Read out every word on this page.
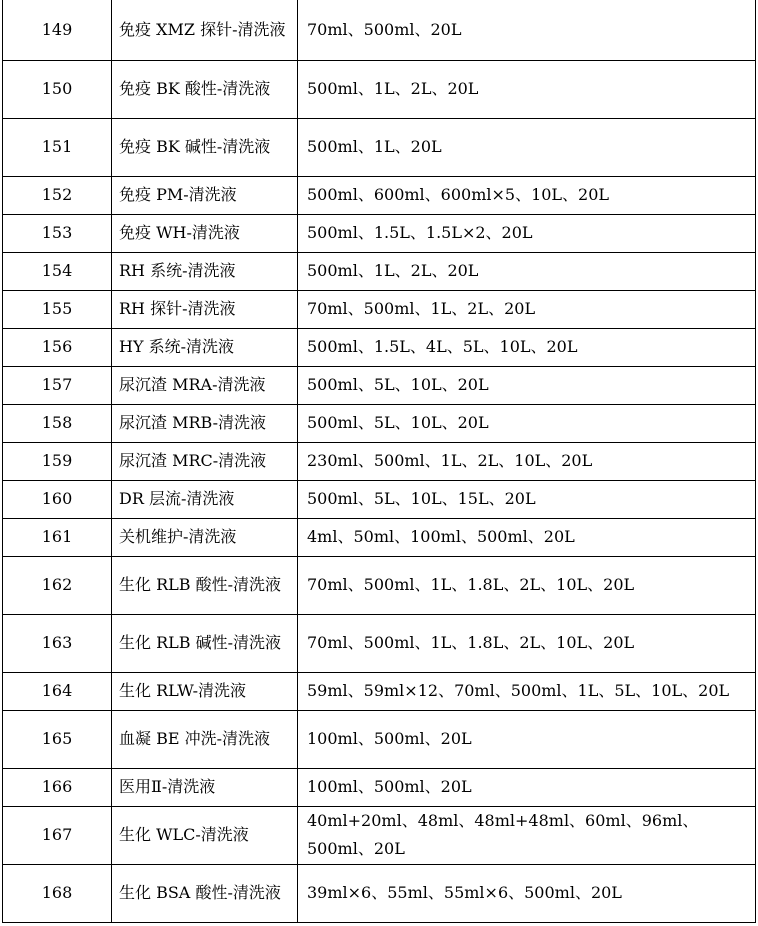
149	免疫 XMZ 探针-清洗液	70ml、500ml、20L
150	免疫 BK 酸性-清洗液	500ml、1L、2L、20L
151	免疫 BK 碱性-清洗液	500ml、1L、20L
152	免疫 PM-清洗液	500ml、600ml、600ml×5、10L、20L
153	免疫 WH-清洗液	500ml、1.5L、1.5L×2、20L
154	RH 系统-清洗液	500ml、1L、2L、20L
155	RH 探针-清洗液	70ml、500ml、1L、2L、20L
156	HY 系统-清洗液	500ml、1.5L、4L、5L、10L、20L
157	尿沉渣 MRA-清洗液	500ml、5L、10L、20L
158	尿沉渣 MRB-清洗液	500ml、5L、10L、20L
159	尿沉渣 MRC-清洗液	230ml、500ml、1L、2L、10L、20L
160	DR 层流-清洗液	500ml、5L、10L、15L、20L
161	关机维护-清洗液	4ml、50ml、100ml、500ml、20L
162	生化 RLB 酸性-清洗液	70ml、500ml、1L、1.8L、2L、10L、20L
163	生化 RLB 碱性-清洗液	70ml、500ml、1L、1.8L、2L、10L、20L
164	生化 RLW-清洗液	59ml、59ml×12、70ml、500ml、1L、5L、10L、20L
165	血凝 BE 冲洗-清洗液	100ml、500ml、20L
166	医用Ⅱ-清洗液	100ml、500ml、20L
167	生化 WLC-清洗液	40ml+20ml、48ml、48ml+48ml、60ml、96ml、500ml、20L
168	生化 BSA 酸性-清洗液	39ml×6、55ml、55ml×6、500ml、20L
